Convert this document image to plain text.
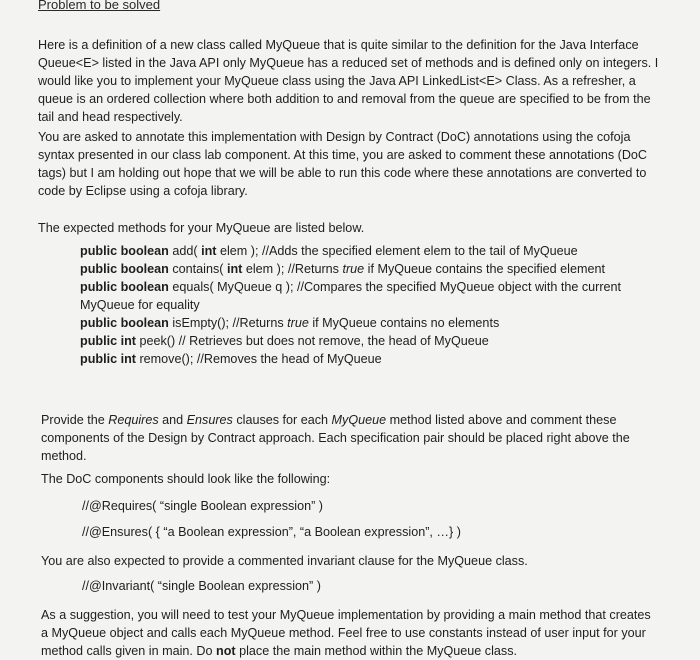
Problem to be solved

Here is a definition of a new class called MyQueue that is quite similar to the definition for the Java Interface Queue<E> listed in the Java API only MyQueue has a reduced set of methods and is defined only on integers. I would like you to implement your MyQueue class using the Java API LinkedList<E> Class. As a refresher, a queue is an ordered collection where both addition to and removal from the queue are specified to be from the tail and head respectively.

You are asked to annotate this implementation with Design by Contract (DoC) annotations using the cofoja syntax presented in our class lab component. At this time, you are asked to comment these annotations (DoC tags) but I am holding out hope that we will be able to run this code where these annotations are converted to code by Eclipse using a cofoja library.

The expected methods for your MyQueue are listed below.

public boolean add( int elem ); //Adds the specified element elem to the tail of MyQueue
public boolean contains( int elem ); //Returns true if MyQueue contains the specified element
public boolean equals( MyQueue q ); //Compares the specified MyQueue object with the current MyQueue for equality
public boolean isEmpty(); //Returns true if MyQueue contains no elements
public int peek() // Retrieves but does not remove, the head of MyQueue
public int remove(); //Removes the head of MyQueue

Provide the Requires and Ensures clauses for each MyQueue method listed above and comment these components of the Design by Contract approach. Each specification pair should be placed right above the method.

The DoC components should look like the following:

//@Requires( “single Boolean expression” )
//@Ensures( { “a Boolean expression”, “a Boolean expression”, …} )

You are also expected to provide a commented invariant clause for the MyQueue class.

//@Invariant( “single Boolean expression” )

As a suggestion, you will need to test your MyQueue implementation by providing a main method that creates a MyQueue object and calls each MyQueue method. Feel free to use constants instead of user input for your method calls given in main. Do not place the main method within the MyQueue class.
